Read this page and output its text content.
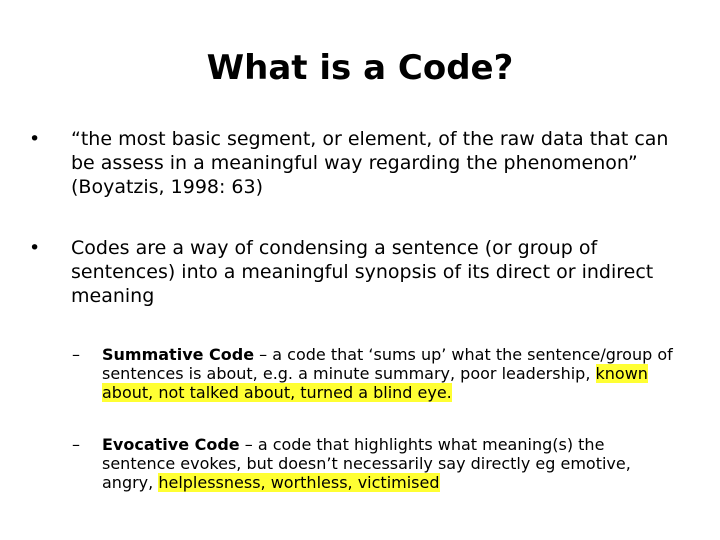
What is a Code?
• “the most basic segment, or element, of the raw data that can be assess in a meaningful way regarding the phenomenon” (Boyatzis, 1998: 63)
• Codes are a way of condensing a sentence (or group of sentences) into a meaningful synopsis of its direct or indirect meaning
– Summative Code – a code that ‘sums up’ what the sentence/group of sentences is about, e.g. a minute summary, poor leadership, known about, not talked about, turned a blind eye.
– Evocative Code – a code that highlights what meaning(s) the sentence evokes, but doesn’t necessarily say directly eg emotive, angry, helplessness, worthless, victimised
